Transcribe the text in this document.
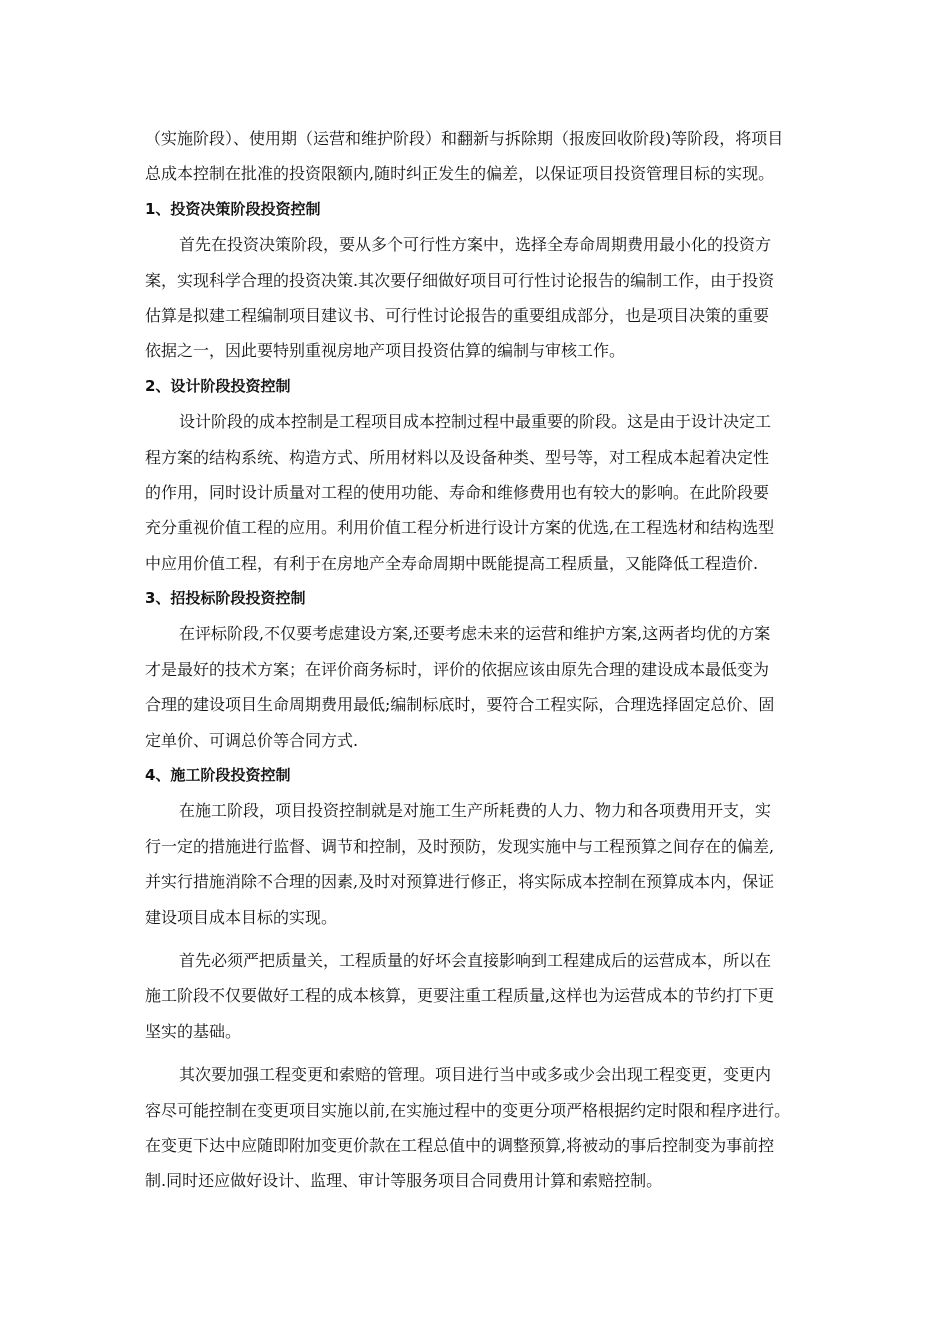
（实施阶段）、使用期（运营和维护阶段）和翻新与拆除期（报废回收阶段)等阶段，将项目
总成本控制在批准的投资限额内,随时纠正发生的偏差，以保证项目投资管理目标的实现。
1、投资决策阶段投资控制
首先在投资决策阶段，要从多个可行性方案中，选择全寿命周期费用最小化的投资方
案，实现科学合理的投资决策.其次要仔细做好项目可行性讨论报告的编制工作，由于投资
估算是拟建工程编制项目建议书、可行性讨论报告的重要组成部分，也是项目决策的重要
依据之一，因此要特别重视房地产项目投资估算的编制与审核工作。
2、设计阶段投资控制
设计阶段的成本控制是工程项目成本控制过程中最重要的阶段。这是由于设计决定工
程方案的结构系统、构造方式、所用材料以及设备种类、型号等，对工程成本起着决定性
的作用，同时设计质量对工程的使用功能、寿命和维修费用也有较大的影响。在此阶段要
充分重视价值工程的应用。利用价值工程分析进行设计方案的优选,在工程选材和结构选型
中应用价值工程，有利于在房地产全寿命周期中既能提高工程质量，又能降低工程造价.
3、招投标阶段投资控制
在评标阶段,不仅要考虑建设方案,还要考虑未来的运营和维护方案,这两者均优的方案
才是最好的技术方案；在评价商务标时，评价的依据应该由原先合理的建设成本最低变为
合理的建设项目生命周期费用最低;编制标底时，要符合工程实际，合理选择固定总价、固
定单价、可调总价等合同方式.
4、施工阶段投资控制
在施工阶段，项目投资控制就是对施工生产所耗费的人力、物力和各项费用开支，实
行一定的措施进行监督、调节和控制，及时预防，发现实施中与工程预算之间存在的偏差,
并实行措施消除不合理的因素,及时对预算进行修正，将实际成本控制在预算成本内，保证
建设项目成本目标的实现。
首先必须严把质量关，工程质量的好坏会直接影响到工程建成后的运营成本，所以在
施工阶段不仅要做好工程的成本核算，更要注重工程质量,这样也为运营成本的节约打下更
坚实的基础。
其次要加强工程变更和索赔的管理。项目进行当中或多或少会出现工程变更，变更内
容尽可能控制在变更项目实施以前,在实施过程中的变更分项严格根据约定时限和程序进行。
在变更下达中应随即附加变更价款在工程总值中的调整预算,将被动的事后控制变为事前控
制.同时还应做好设计、监理、审计等服务项目合同费用计算和索赔控制。
